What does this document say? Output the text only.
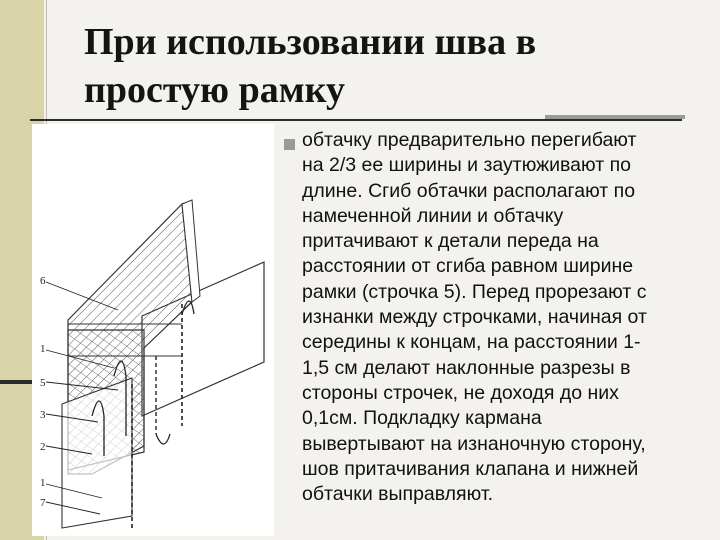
При использовании шва в
простую рамку
6
1
5
3
2
1
7

обтачку предварительно перегибают
на 2/3 ее ширины и заутюживают по
длине. Сгиб обтачки располагают по
намеченной линии и обтачку
притачивают к детали переда на
расстоянии от сгиба равном ширине
рамки (строчка 5). Перед прорезают с
изнанки между строчками, начиная от
середины к концам, на расстоянии 1-
1,5 см делают наклонные разрезы в
стороны строчек, не доходя до них
0,1см. Подкладку кармана
вывертывают на изнаночную сторону,
шов притачивания клапана и нижней
обтачки выправляют.
